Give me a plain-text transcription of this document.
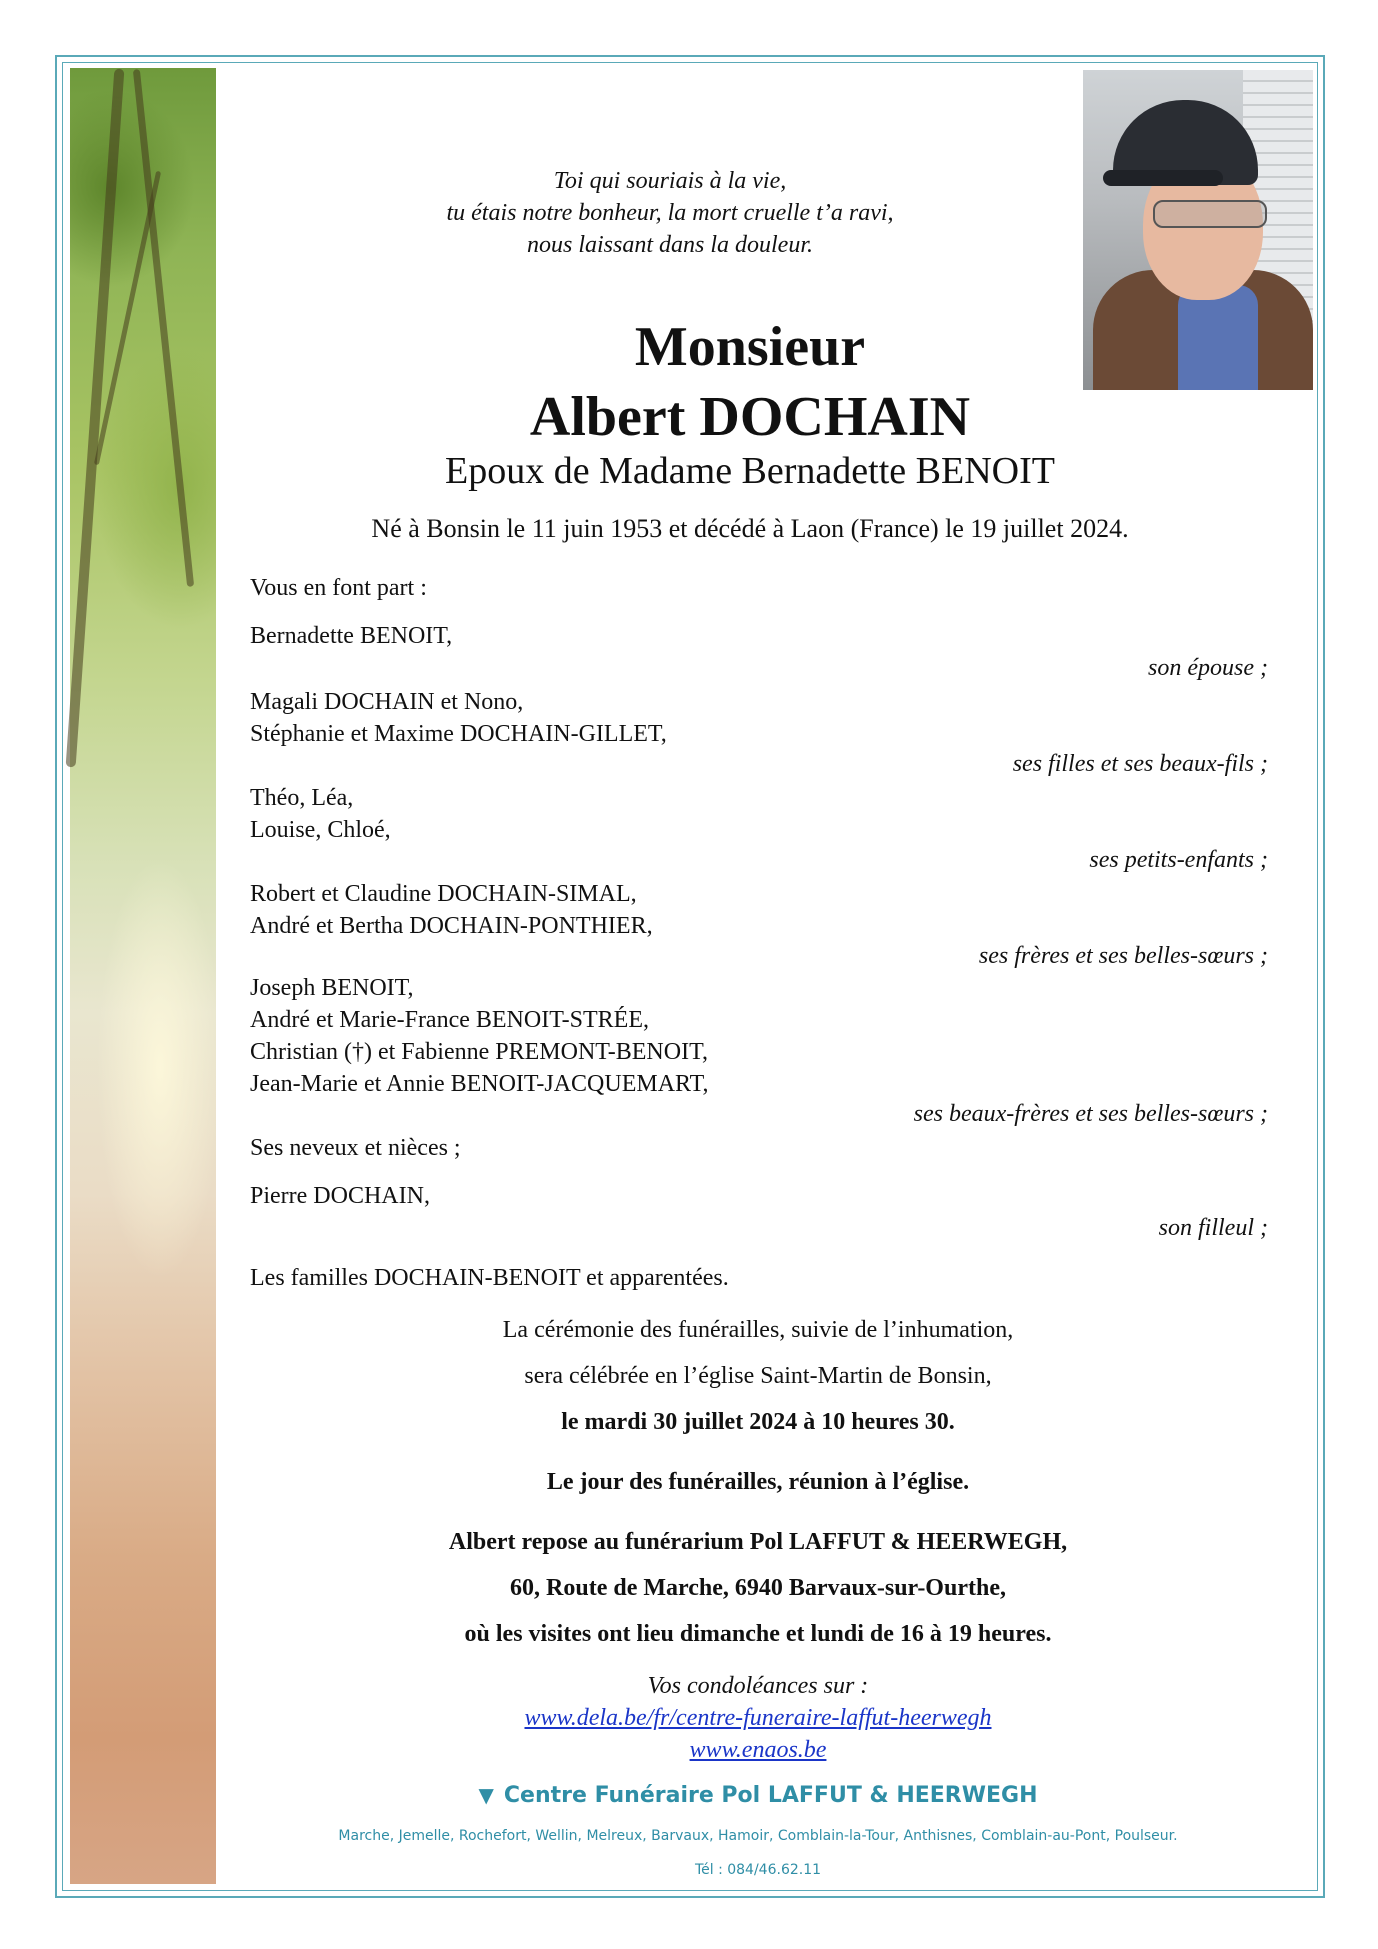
Toi qui souriais à la vie,
tu étais notre bonheur, la mort cruelle t’a ravi,
nous laissant dans la douleur.
Monsieur
Albert DOCHAIN
Epoux de Madame Bernadette BENOIT
Né à Bonsin le 11 juin 1953 et décédé à Laon (France) le 19 juillet 2024.
Vous en font part :
Bernadette BENOIT,
son épouse ;
Magali DOCHAIN et Nono,
Stéphanie et Maxime DOCHAIN-GILLET,
ses filles et ses beaux-fils ;
Théo, Léa,
Louise, Chloé,
ses petits-enfants ;
Robert et Claudine DOCHAIN-SIMAL,
André et Bertha DOCHAIN-PONTHIER,
ses frères et ses belles-sœurs ;
Joseph BENOIT,
André et Marie-France BENOIT-STRÉE,
Christian (†) et Fabienne PREMONT-BENOIT,
Jean-Marie et Annie BENOIT-JACQUEMART,
ses beaux-frères et ses belles-sœurs ;
Ses neveux et nièces ;
Pierre DOCHAIN,
son filleul ;
Les familles DOCHAIN-BENOIT et apparentées.
La cérémonie des funérailles, suivie de l’inhumation,
sera célébrée en l’église Saint-Martin de Bonsin,
le mardi 30 juillet 2024 à 10 heures 30.
Le jour des funérailles, réunion à l’église.
Albert repose au funérarium Pol LAFFUT & HEERWEGH,
60, Route de Marche, 6940 Barvaux-sur-Ourthe,
où les visites ont lieu dimanche et lundi de 16 à 19 heures.
Vos condoléances sur :
www.dela.be/fr/centre-funeraire-laffut-heerwegh
www.enaos.be
▼ Centre Funéraire Pol LAFFUT & HEERWEGH
Marche, Jemelle, Rochefort, Wellin, Melreux, Barvaux, Hamoir, Comblain-la-Tour, Anthisnes, Comblain-au-Pont, Poulseur.
Tél : 084/46.62.11
